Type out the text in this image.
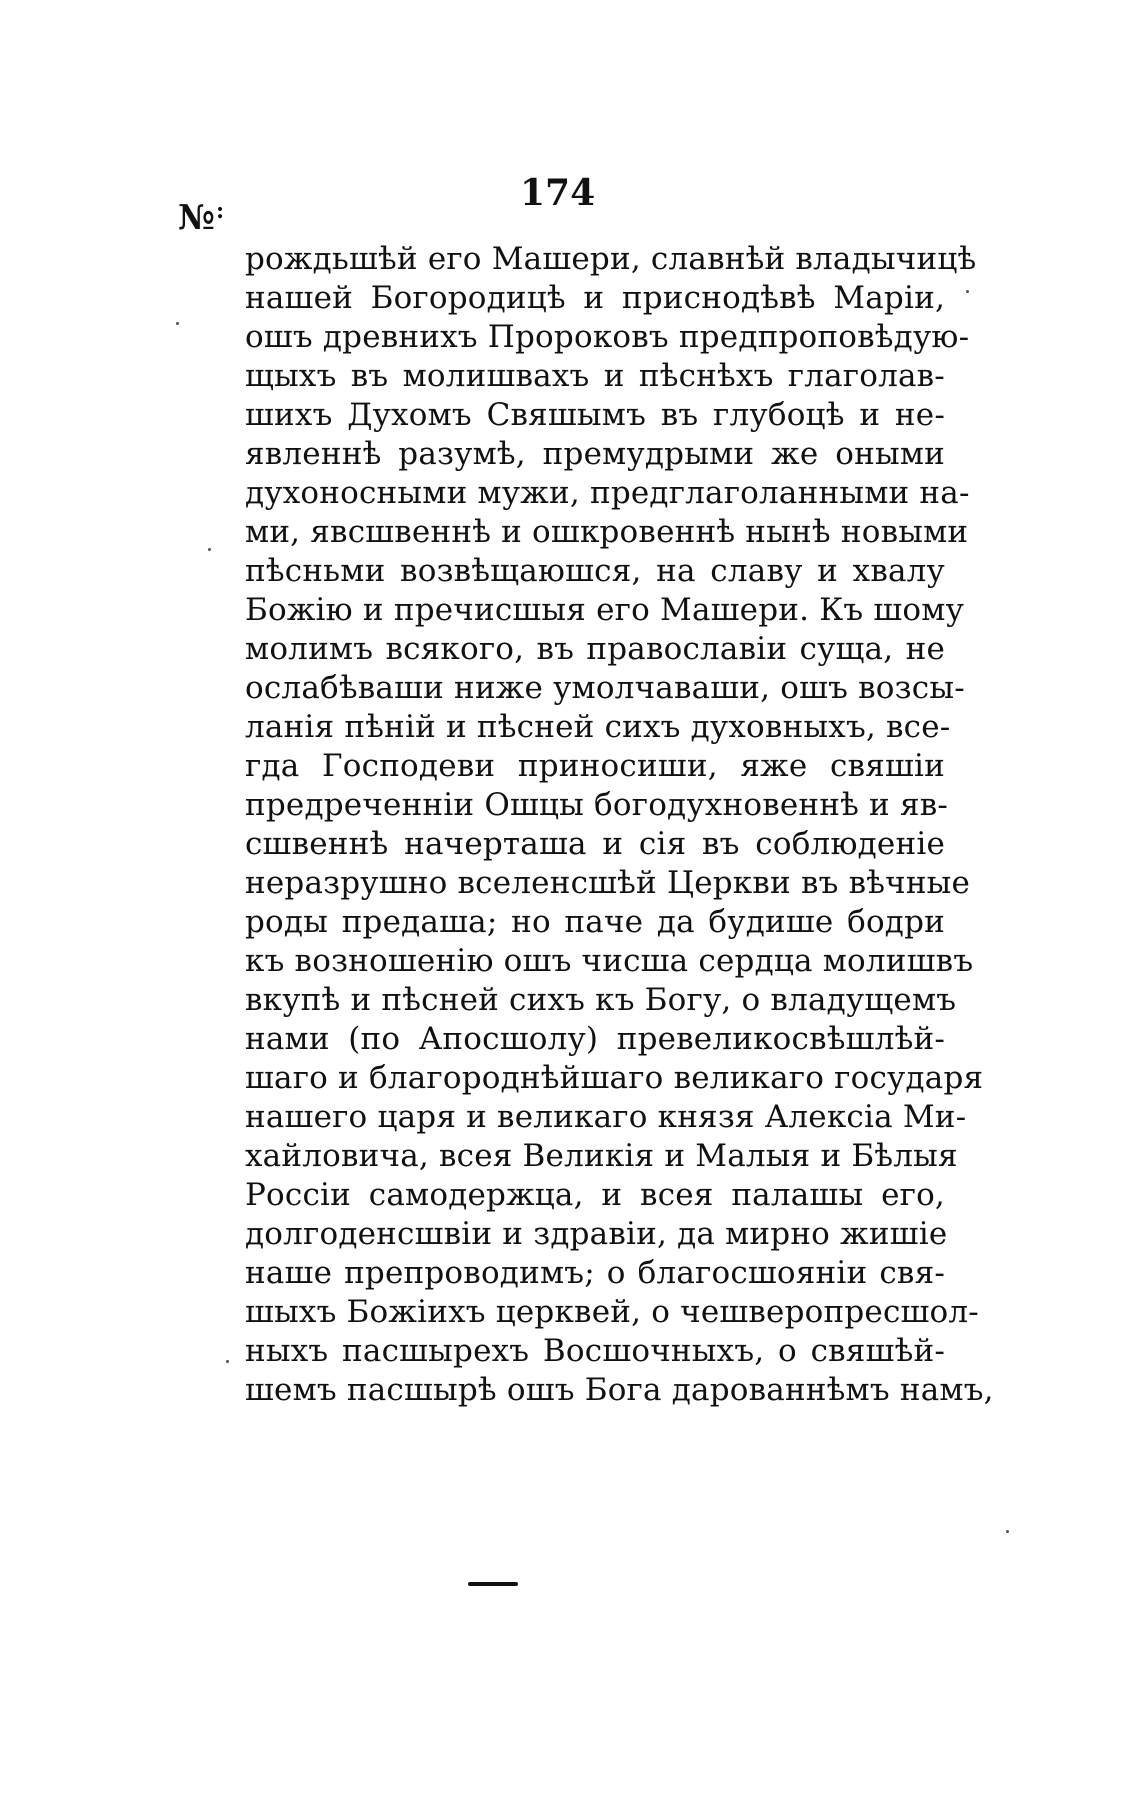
№:	174
рождьшѣй его Машери, славнѣй владычицѣ
нашей Богородицѣ и приснодѣвѣ Маріи,
ошъ древнихъ Пророковъ предпроповѣдую-
щыхъ въ молишвахъ и пѣснѣхъ глаголав-
шихъ Духомъ Свяшымъ въ глубоцѣ и не-
явленнѣ разумѣ, премудрыми же оными
духоносными мужи, предглаголанными на-
ми, явсшвеннѣ и ошкровеннѣ нынѣ новыми
пѣсньми возвѣщаюшся, на славу и хвалу
Божію и пречисшыя его Машери. Къ шому
молимъ всякого, въ православіи суща, не
ослабѣваши ниже умолчаваши, ошъ возсы-
ланія пѣній и пѣсней сихъ духовныхъ, все-
гда Господеви приносиши, яже свяшіи
предреченніи Ошцы богодухновеннѣ и яв-
сшвеннѣ начерташа и сія въ соблюденіе
неразрушно вселенсшѣй Церкви въ вѣчные
роды предаша; но паче да будише бодри
къ возношенію ошъ чисша сердца молишвъ
вкупѣ и пѣсней сихъ къ Богу, о владущемъ
нами (по Апосшолу) превеликосвѣшлѣй-
шаго и благороднѣйшаго великаго государя
нашего царя и великаго князя Алексіа Ми-
хайловича, всея Великія и Малыя и Бѣлыя
Россіи самодержца, и всея палашы его,
долгоденсшвіи и здравіи, да мирно жишіе
наше препроводимъ; о благосшояніи свя-
шыхъ Божіихъ церквей, о чешверопресшол-
ныхъ пасшырехъ Восшочныхъ, о свяшѣй-
шемъ пасшырѣ ошъ Бога дарованнѣмъ намъ,
